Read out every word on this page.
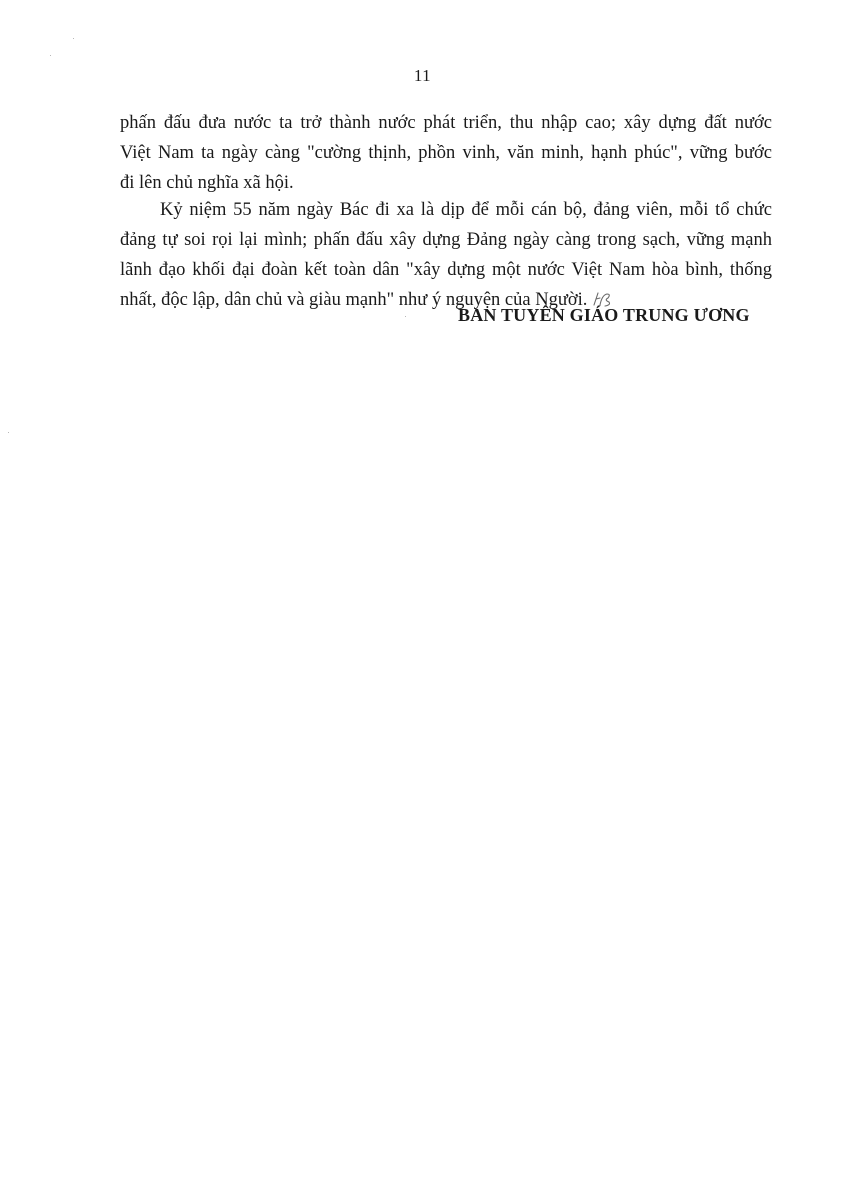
11
phấn đấu đưa nước ta trở thành nước phát triển, thu nhập cao; xây dựng đất nước
Việt Nam ta ngày càng "cường thịnh, phồn vinh, văn minh, hạnh phúc", vững bước
đi lên chủ nghĩa xã hội.
Kỷ niệm 55 năm ngày Bác đi xa là dịp để mỗi cán bộ, đảng viên, mỗi tổ chức
đảng tự soi rọi lại mình; phấn đấu xây dựng Đảng ngày càng trong sạch, vững mạnh
lãnh đạo khối đại đoàn kết toàn dân "xây dựng một nước Việt Nam hòa bình, thống
nhất, độc lập, dân chủ và giàu mạnh" như ý nguyện của Người.
BAN TUYÊN GIÁO TRUNG ƯƠNG
